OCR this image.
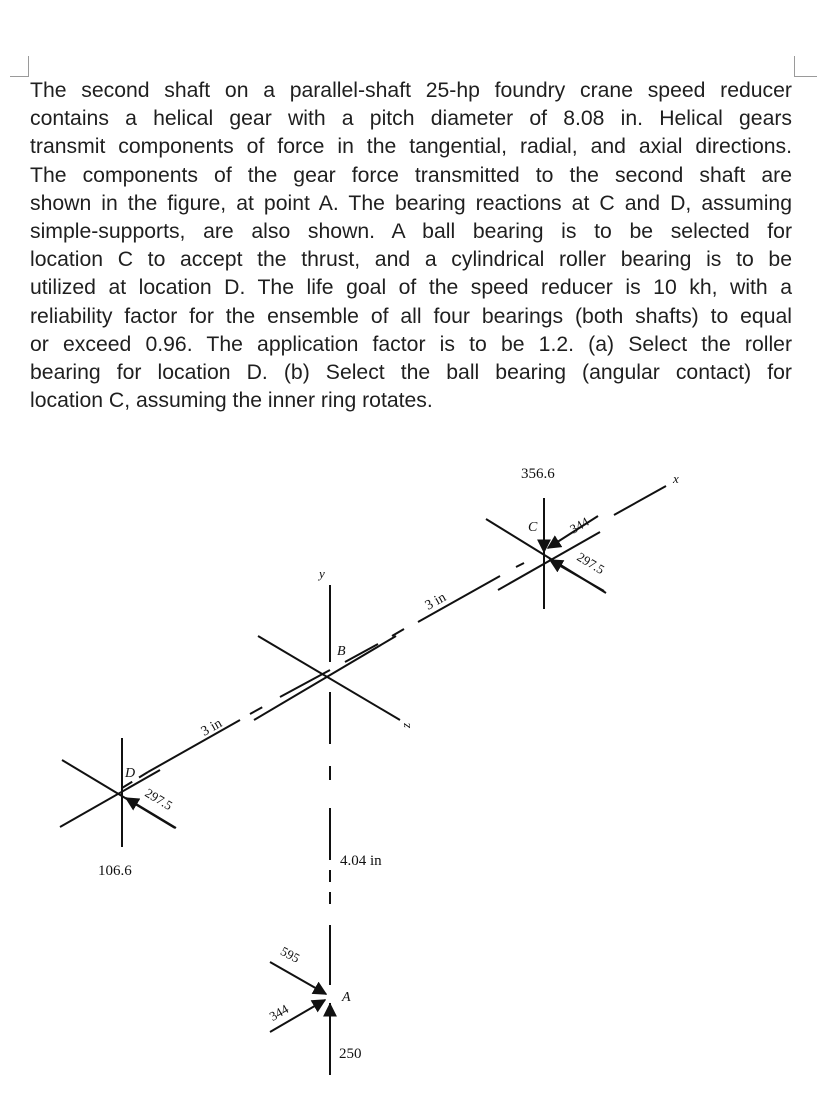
The second shaft on a parallel-shaft 25-hp foundry crane speed reducer
contains a helical gear with a pitch diameter of 8.08 in. Helical gears
transmit components of force in the tangential, radial, and axial directions.
The components of the gear force transmitted to the second shaft are
shown in the figure, at point A. The bearing reactions at C and D, assuming
simple-supports, are also shown. A ball bearing is to be selected for
location C to accept the thrust, and a cylindrical roller bearing is to be
utilized at location D. The life goal of the speed reducer is 10 kh, with a
reliability factor for the ensemble of all four bearings (both shafts) to equal
or exceed 0.96. The application factor is to be 1.2. (a) Select the roller
bearing for location D. (b) Select the ball bearing (angular contact) for
location C, assuming the inner ring rotates.

x
y
z
B
C
D
A
3 in
3 in
4.04 in
356.6
344
297.5
297.5
106.6
595
344
250
